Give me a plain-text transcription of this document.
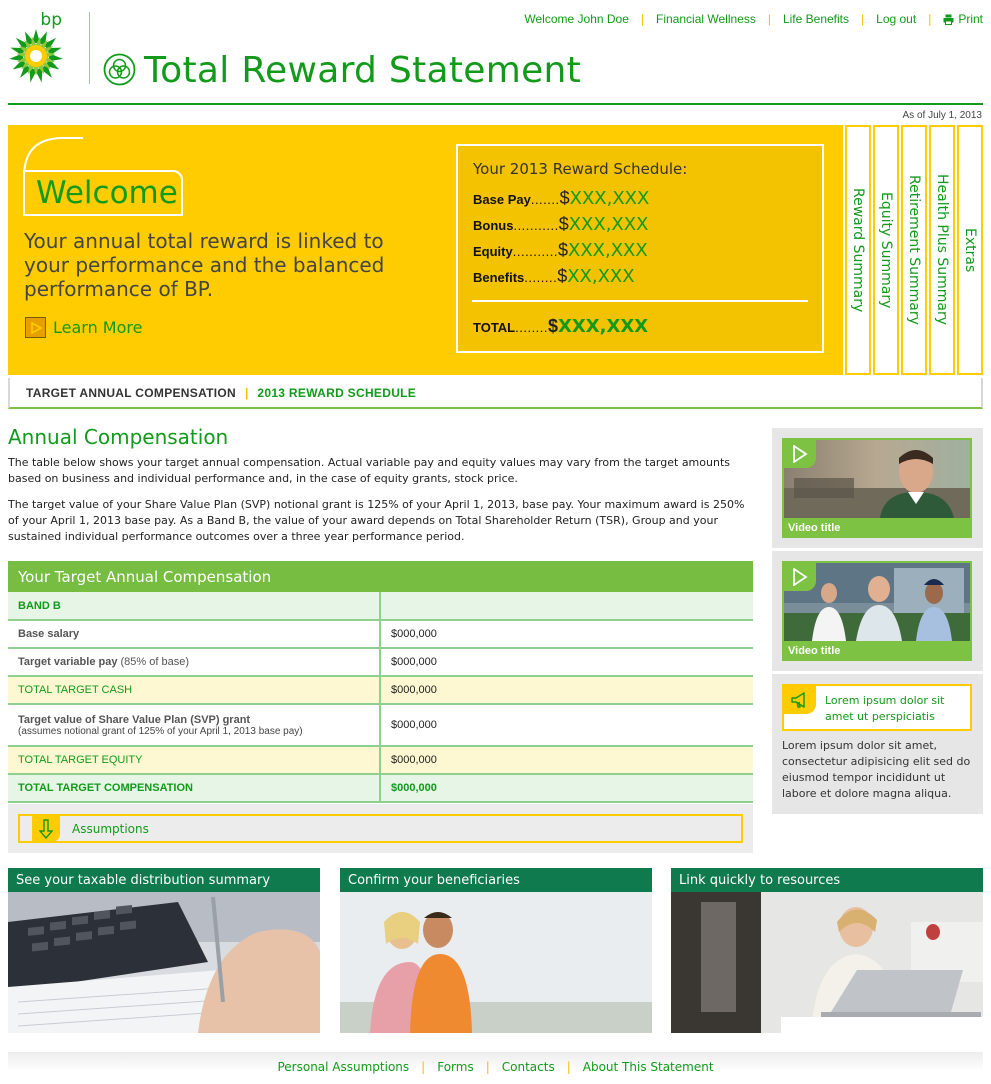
bp
Total Reward Statement
Welcome John Doe | Financial Wellness | Life Benefits | Log out | Print
As of July 1, 2013
Welcome
Your annual total reward is linked to your performance and the balanced performance of BP.
Learn More
Your 2013 Reward Schedule:
Base Pay ....... $ XXX,XXX
Bonus ........... $ XXX,XXX
Equity ........... $ XXX,XXX
Benefits ........ $ XX,XXX
TOTAL ........ $ XXX,XXX
Reward Summary Equity Summary Retirement Summary Health Plus Summary Extras
TARGET ANNUAL COMPENSATION | 2013 REWARD SCHEDULE
Annual Compensation
The table below shows your target annual compensation. Actual variable pay and equity values may vary from the target amounts based on business and individual performance and, in the case of equity grants, stock price.
The target value of your Share Value Plan (SVP) notional grant is 125% of your April 1, 2013, base pay. Your maximum award is 250% of your April 1, 2013 base pay. As a Band B, the value of your award depends on Total Shareholder Return (TSR), Group and your sustained individual performance outcomes over a three year performance period.
Your Target Annual Compensation
BAND B	
Base salary	$000,000
Target variable pay (85% of base)	$000,000
TOTAL TARGET CASH	$000,000
Target value of Share Value Plan (SVP) grant
(assumes notional grant of 125% of your April 1, 2013 base pay)	$000,000
TOTAL TARGET EQUITY	$000,000
TOTAL TARGET COMPENSATION	$000,000
Assumptions
Video title
Video title
Lorem ipsum dolor sit amet ut perspiciatis
Lorem ipsum dolor sit amet, consectetur adipisicing elit sed do eiusmod tempor incididunt ut labore et dolore magna aliqua.
See your taxable distribution summary	Confirm your beneficiaries	Link quickly to resources
Personal Assumptions | Forms | Contacts | About This Statement
